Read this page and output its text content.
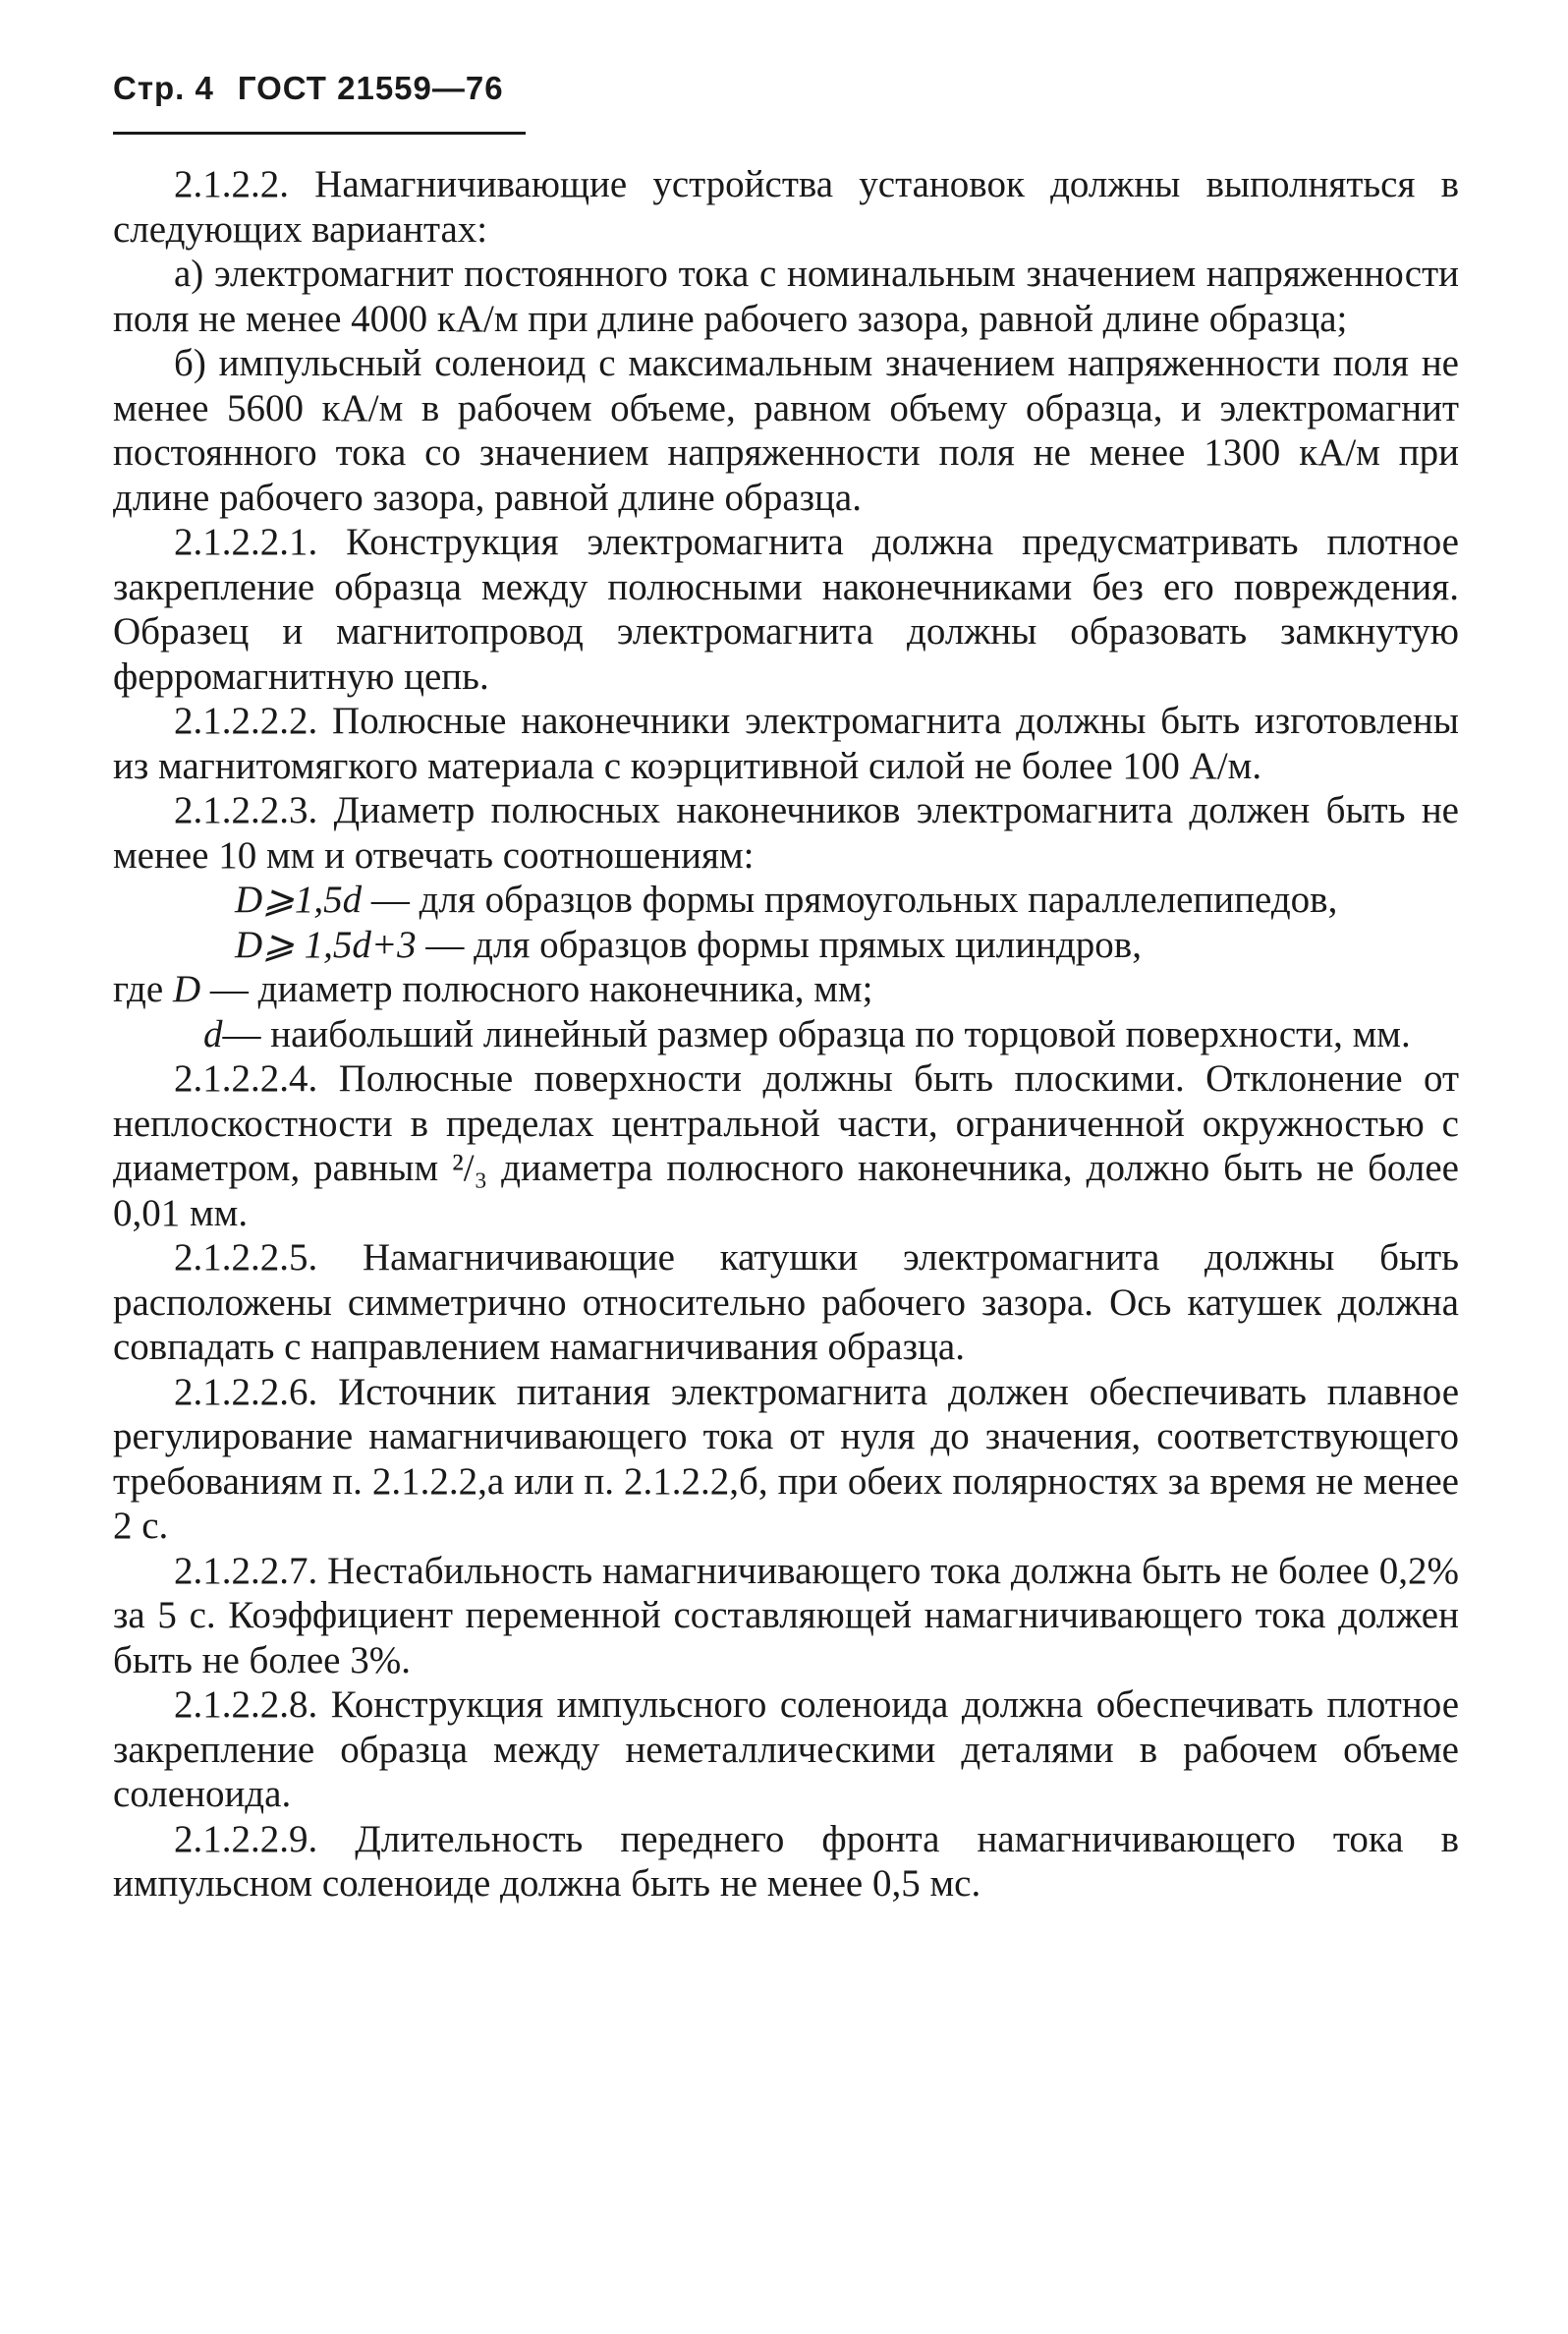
Стр. 4 ГОСТ 21559—76

2.1.2.2. Намагничивающие устройства установок должны выполняться в следующих вариантах:

а) электромагнит постоянного тока с номинальным значением напряженности поля не менее 4000 кА/м при длине рабочего зазора, равной длине образца;

б) импульсный соленоид с максимальным значением напряженности поля не менее 5600 кА/м в рабочем объеме, равном объему образца, и электромагнит постоянного тока со значением напряженности поля не менее 1300 кА/м при длине рабочего зазора, равной длине образца.

2.1.2.2.1. Конструкция электромагнита должна предусматривать плотное закрепление образца между полюсными наконечниками без его повреждения. Образец и магнитопровод электромагнита должны образовать замкнутую ферромагнитную цепь.

2.1.2.2.2. Полюсные наконечники электромагнита должны быть изготовлены из магнитомягкого материала с коэрцитивной силой не более 100 А/м.

2.1.2.2.3. Диаметр полюсных наконечников электромагнита должен быть не менее 10 мм и отвечать соотношениям:

D⩾1,5d — для образцов формы прямоугольных параллелепипедов,

D⩾ 1,5d+3 — для образцов формы прямых цилиндров,

где D — диаметр полюсного наконечника, мм;

d — наибольший линейный размер образца по торцовой поверхности, мм.

2.1.2.2.4. Полюсные поверхности должны быть плоскими. Отклонение от неплоскостности в пределах центральной части, ограниченной окружностью с диаметром, равным ²/₃ диаметра полюсного наконечника, должно быть не более 0,01 мм.

2.1.2.2.5. Намагничивающие катушки электромагнита должны быть расположены симметрично относительно рабочего зазора. Ось катушек должна совпадать с направлением намагничивания образца.

2.1.2.2.6. Источник питания электромагнита должен обеспечивать плавное регулирование намагничивающего тока от нуля до значения, соответствующего требованиям п. 2.1.2.2,а или п. 2.1.2.2,б, при обеих полярностях за время не менее 2 с.

2.1.2.2.7. Нестабильность намагничивающего тока должна быть не более 0,2% за 5 с. Коэффициент переменной составляющей намагничивающего тока должен быть не более 3%.

2.1.2.2.8. Конструкция импульсного соленоида должна обеспечивать плотное закрепление образца между неметаллическими деталями в рабочем объеме соленоида.

2.1.2.2.9. Длительность переднего фронта намагничивающего тока в импульсном соленоиде должна быть не менее 0,5 мс.
